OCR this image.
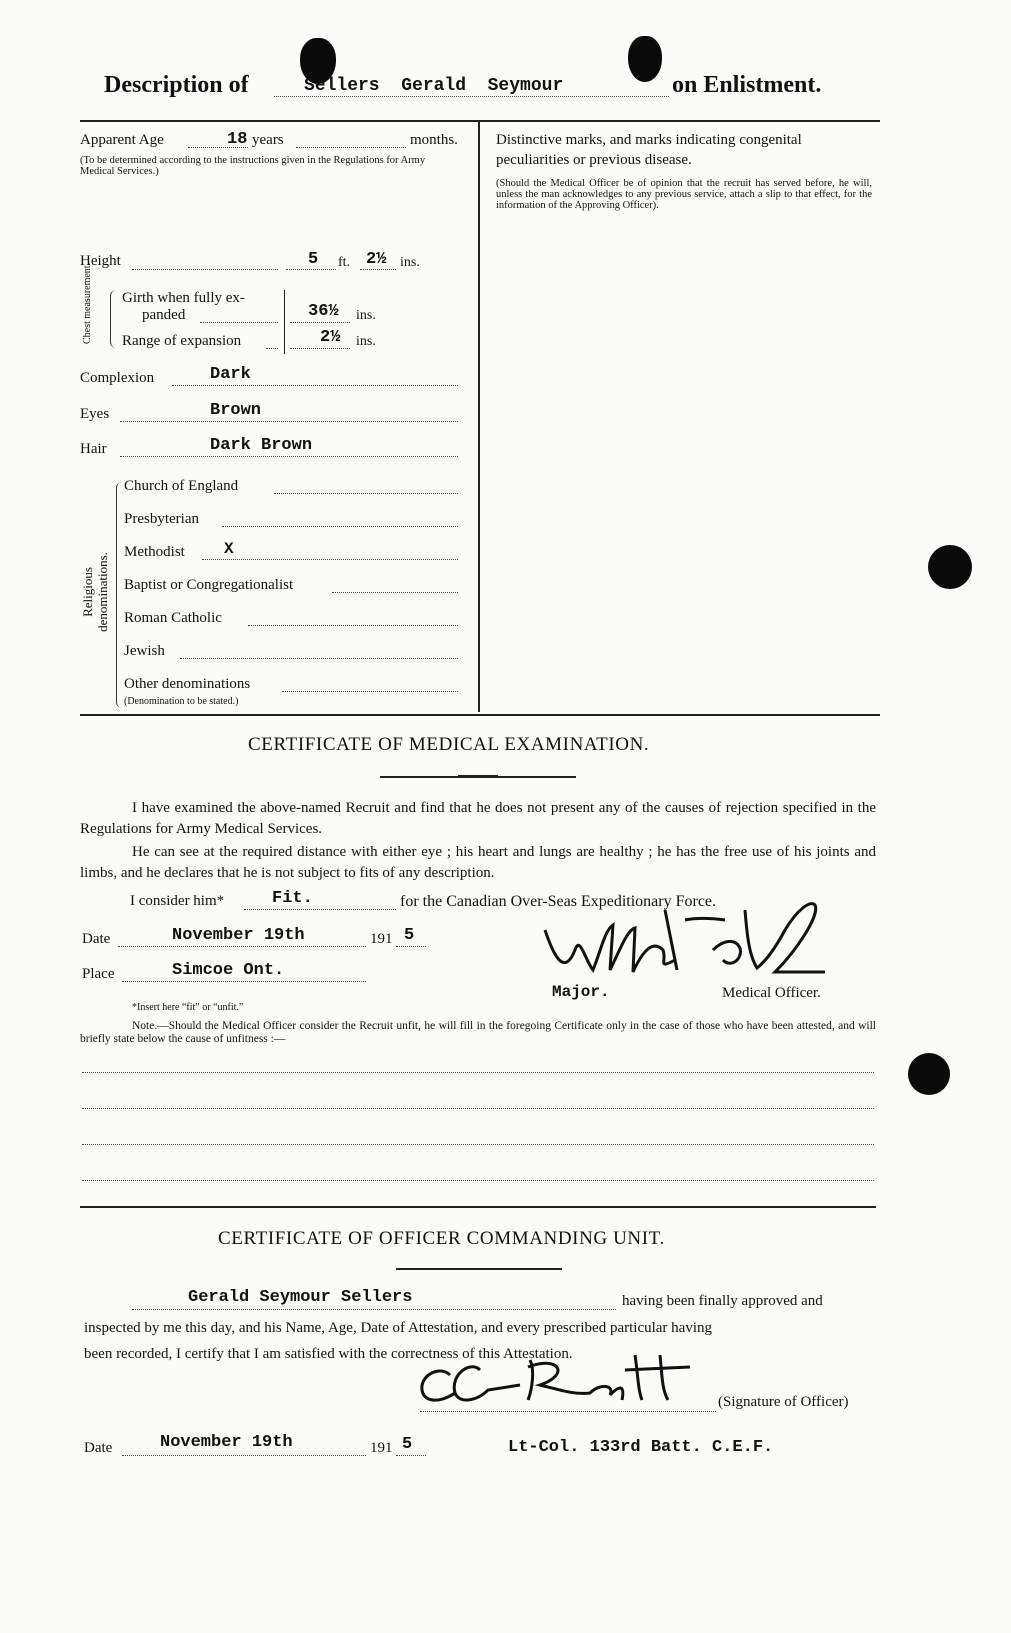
Description of	Sellers  Gerald  Seymour	on Enlistment.
Apparent Age	18 years	months.
(To be determined according to the instructions given in the Regulations for Army Medical Services.)
Height	5 ft. 2½ ins.
Chest measurement. Girth when fully ex-
panded	36½ ins.
Range of expansion	2½ ins.
Complexion	Dark
Eyes	Brown
Hair	Dark Brown
Religious denominations.
Church of England
Presbyterian
Methodist X
Baptist or Congregationalist
Roman Catholic
Jewish
Other denominations
(Denomination to be stated.)
Distinctive marks, and marks indicating congenital peculiarities or previous disease.
(Should the Medical Officer be of opinion that the recruit has served before, he will, unless the man acknowledges to any previous service, attach a slip to that effect, for the information of the Approving Officer).
CERTIFICATE OF MEDICAL EXAMINATION.
I have examined the above-named Recruit and find that he does not present any of the causes of rejection specified in the Regulations for Army Medical Services.
He can see at the required distance with either eye ; his heart and lungs are healthy ; he has the free use of his joints and limbs, and he declares that he is not subject to fits of any description.
I consider him*	Fit.	for the Canadian Over-Seas Expeditionary Force.
Date	November 19th	191 5
Place	Simcoe Ont.
Major.	Medical Officer.
*Insert here “fit” or “unfit.”
Note.—Should the Medical Officer consider the Recruit unfit, he will fill in the foregoing Certificate only in the case of those who have been attested, and will briefly state below the cause of unfitness :—
CERTIFICATE OF OFFICER COMMANDING UNIT.
Gerald Seymour Sellers	having been finally approved and
inspected by me this day, and his Name, Age, Date of Attestation, and every prescribed particular having
been recorded, I certify that I am satisfied with the correctness of this Attestation.
(Signature of Officer)
Date	November 19th	191 5	Lt-Col. 133rd Batt. C.E.F.
